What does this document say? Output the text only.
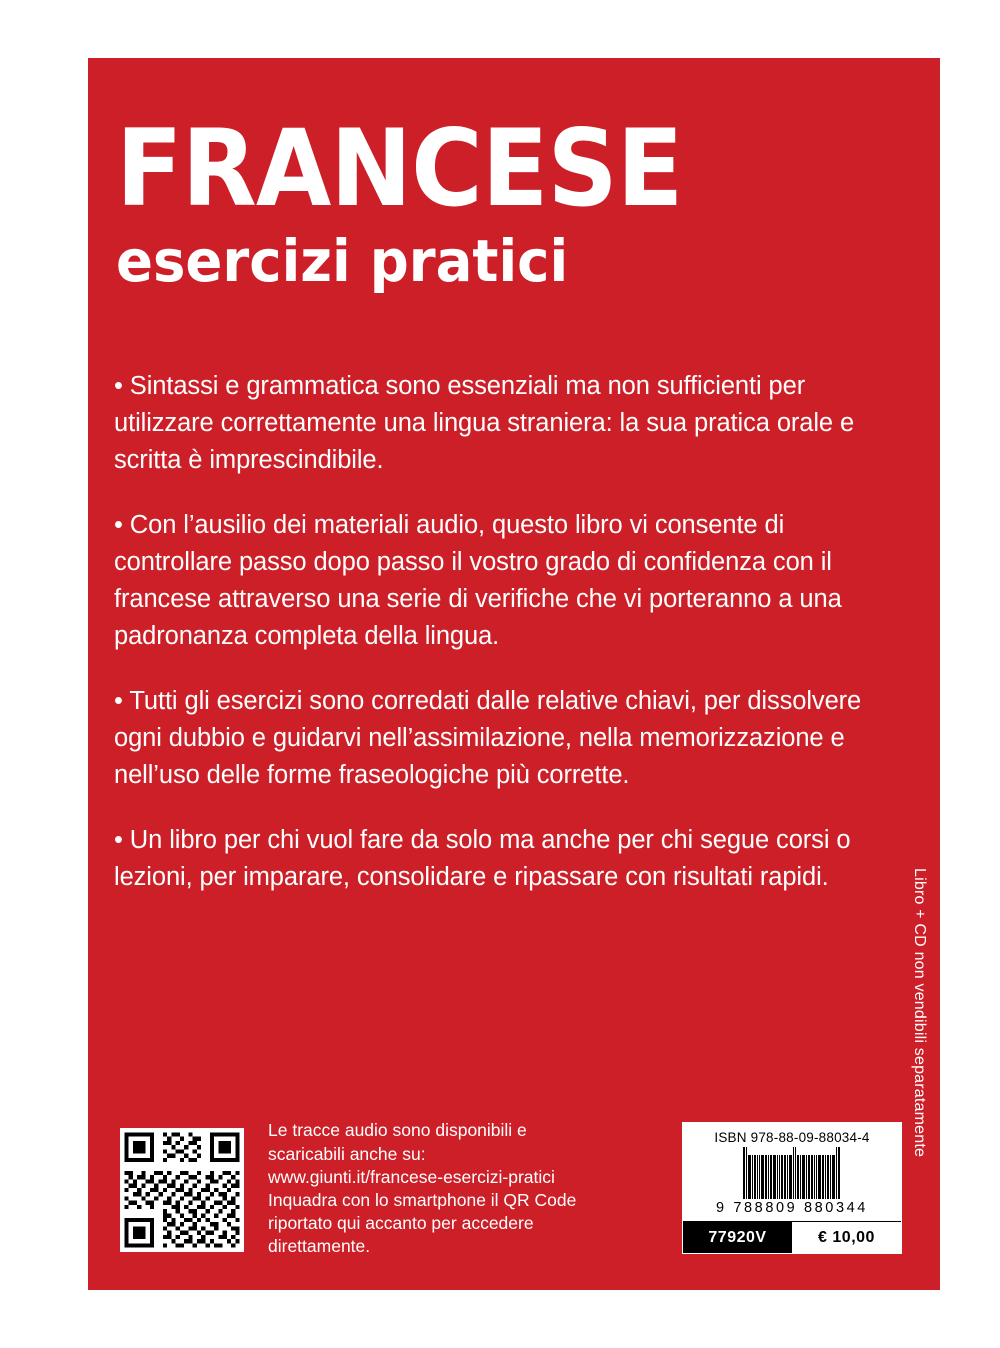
FRANCESE
esercizi pratici
• Sintassi e grammatica sono essenziali ma non sufficienti per utilizzare correttamente una lingua straniera: la sua pratica orale e scritta è imprescindibile.
• Con l’ausilio dei materiali audio, questo libro vi consente di controllare passo dopo passo il vostro grado di confidenza con il francese attraverso una serie di verifiche che vi porteranno a una padronanza completa della lingua.
• Tutti gli esercizi sono corredati dalle relative chiavi, per dissolvere ogni dubbio e guidarvi nell’assimilazione, nella memorizzazione e nell’uso delle forme fraseologiche più corrette.
• Un libro per chi vuol fare da solo ma anche per chi segue corsi o lezioni, per imparare, consolidare e ripassare con risultati rapidi.	Libro + CD non vendibili separatamente
Le tracce audio sono disponibili e scaricabili anche su: www.giunti.it/francese-esercizi-pratici Inquadra con lo smartphone il QR Code riportato qui accanto per accedere direttamente.
ISBN 978-88-09-88034-4
9 788809 880344
77920V	€ 10,00
